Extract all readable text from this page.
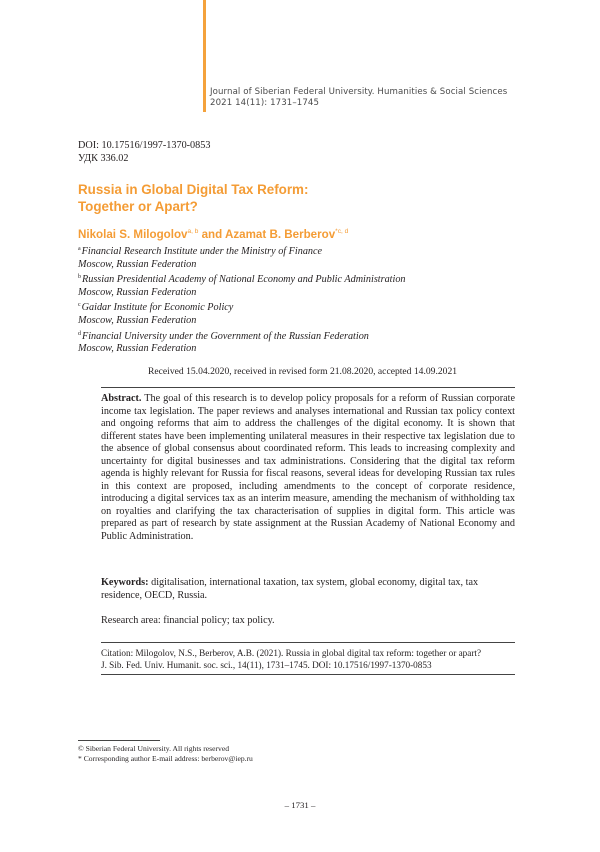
Journal of Siberian Federal University. Humanities & Social Sciences
2021 14(11): 1731–1745
DOI: 10.17516/1997-1370-0853
УДК 336.02
Russia in Global Digital Tax Reform:
Together or Apart?
Nikolai S. Milogolov$^{a, b}$ and Azamat B. Berberov$^{*c, d}$
$^a$Financial Research Institute under the Ministry of Finance
Moscow, Russian Federation
$^b$Russian Presidential Academy of National Economy and Public Administration
Moscow, Russian Federation
$^c$Gaidar Institute for Economic Policy
Moscow, Russian Federation
$^d$Financial University under the Government of the Russian Federation
Moscow, Russian Federation
Received 15.04.2020, received in revised form 21.08.2020, accepted 14.09.2021
Abstract. The goal of this research is to develop policy proposals for a reform of Russian corporate income tax legislation. The paper reviews and analyses international and Russian tax policy context and ongoing reforms that aim to address the challenges of the digital economy. It is shown that different states have been implementing unilateral measures in their respective tax legislation due to the absence of global consensus about coordinated reform. This leads to increasing complexity and uncertainty for digital businesses and tax administrations. Considering that the digital tax reform agenda is highly relevant for Russia for fiscal reasons, several ideas for developing Russian tax rules in this context are proposed, including amendments to the concept of corporate residence, introducing a digital services tax as an interim measure, amending the mechanism of withholding tax on royalties and clarifying the tax characterisation of supplies in digital form. This article was prepared as part of research by state assignment at the Russian Academy of National Economy and Public Administration.
Keywords: digitalisation, international taxation, tax system, global economy, digital tax, tax residence, OECD, Russia.
Research area: financial policy; tax policy.
Citation: Milogolov, N.S., Berberov, A.B. (2021). Russia in global digital tax reform: together or apart?
J. Sib. Fed. Univ. Humanit. soc. sci., 14(11), 1731–1745. DOI: 10.17516/1997-1370-0853
© Siberian Federal University. All rights reserved
* Corresponding author E-mail address: berberov@iep.ru
– 1731 –
